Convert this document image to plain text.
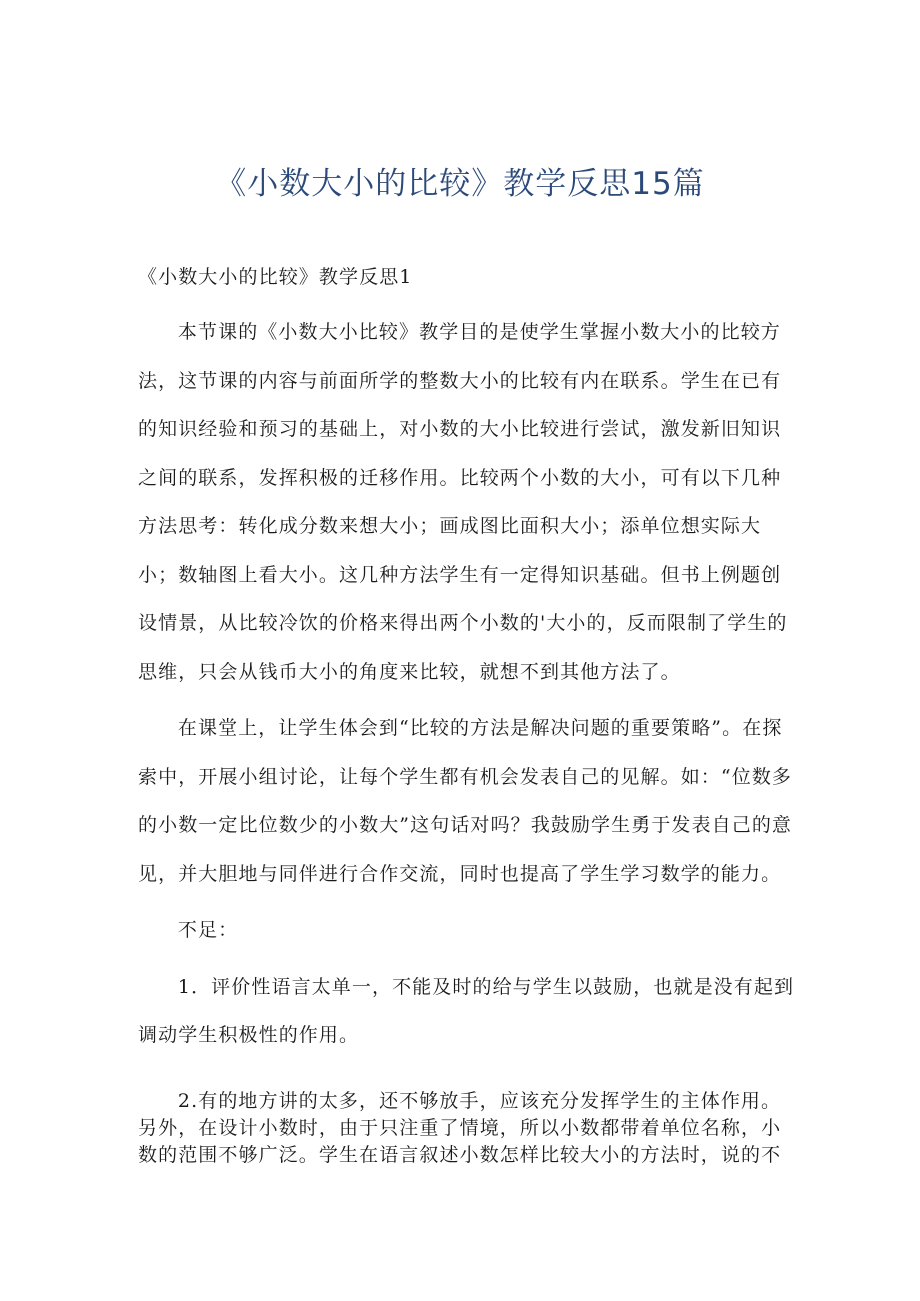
《小数大小的比较》教学反思15篇

《小数大小的比较》教学反思1

本节课的《小数大小比较》教学目的是使学生掌握小数大小的比较方法，这节课的内容与前面所学的整数大小的比较有内在联系。学生在已有的知识经验和预习的基础上，对小数的大小比较进行尝试，激发新旧知识之间的联系，发挥积极的迁移作用。比较两个小数的大小，可有以下几种方法思考：转化成分数来想大小；画成图比面积大小；添单位想实际大小；数轴图上看大小。这几种方法学生有一定得知识基础。但书上例题创设情景，从比较冷饮的价格来得出两个小数的'大小的，反而限制了学生的思维，只会从钱币大小的角度来比较，就想不到其他方法了。

在课堂上，让学生体会到“比较的方法是解决问题的重要策略”。在探索中，开展小组讨论，让每个学生都有机会发表自己的见解。如：“位数多的小数一定比位数少的小数大”这句话对吗？我鼓励学生勇于发表自己的意见，并大胆地与同伴进行合作交流，同时也提高了学生学习数学的能力。

不足：

1．评价性语言太单一，不能及时的给与学生以鼓励，也就是没有起到调动学生积极性的作用。

2.有的地方讲的太多，还不够放手，应该充分发挥学生的主体作用。另外，在设计小数时，由于只注重了情境，所以小数都带着单位名称，小数的范围不够广泛。学生在语言叙述小数怎样比较大小的方法时，说的不
